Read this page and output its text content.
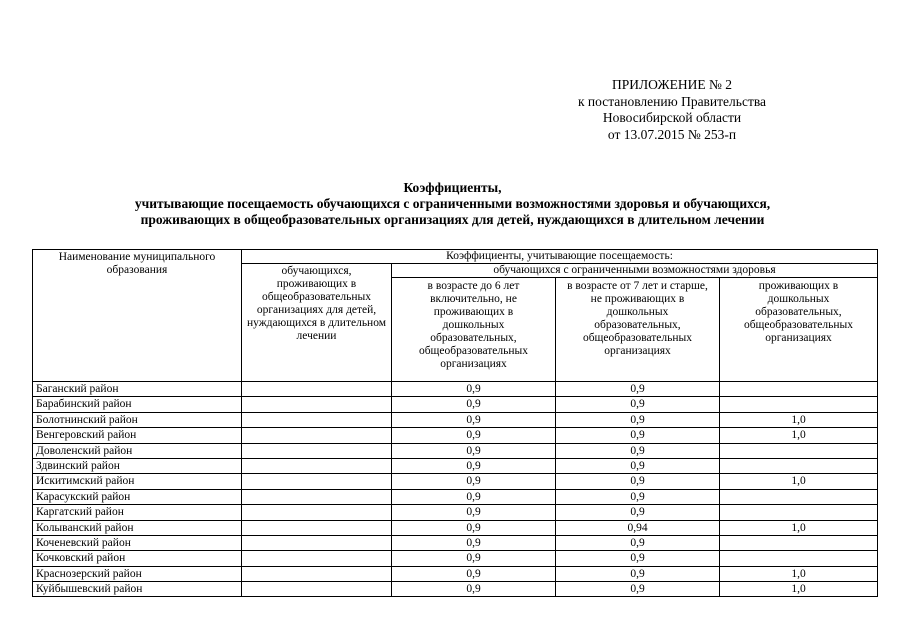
ПРИЛОЖЕНИЕ № 2
к постановлению Правительства
Новосибирской области
от 13.07.2015 № 253-п
Коэффициенты,
учитывающие посещаемость обучающихся с ограниченными возможностями здоровья и обучающихся,
проживающих в общеобразовательных организациях для детей, нуждающихся в длительном лечении
Наименование муниципального образования	Коэффициенты, учитывающие посещаемость:			
	обучающихся, проживающих в общеобразовательных организациях для детей, нуждающихся в длительном лечении	обучающихся с ограниченными возможностями здоровья		
		в возрасте до 6 лет включительно, не проживающих в дошкольных образовательных, общеобразовательных организациях	в возрасте от 7 лет и старше, не проживающих в дошкольных образовательных, общеобразовательных организациях	проживающих в дошкольных образовательных, общеобразовательных организациях
Баганский район		0,9	0,9	
Барабинский район		0,9	0,9	
Болотнинский район		0,9	0,9	1,0
Венгеровский район		0,9	0,9	1,0
Доволенский район		0,9	0,9	
Здвинский район		0,9	0,9	
Искитимский район		0,9	0,9	1,0
Карасукский район		0,9	0,9	
Каргатский район		0,9	0,9	
Колыванский район		0,9	0,94	1,0
Коченевский район		0,9	0,9	
Кочковский район		0,9	0,9	
Краснозерский район		0,9	0,9	1,0
Куйбышевский район		0,9	0,9	1,0
